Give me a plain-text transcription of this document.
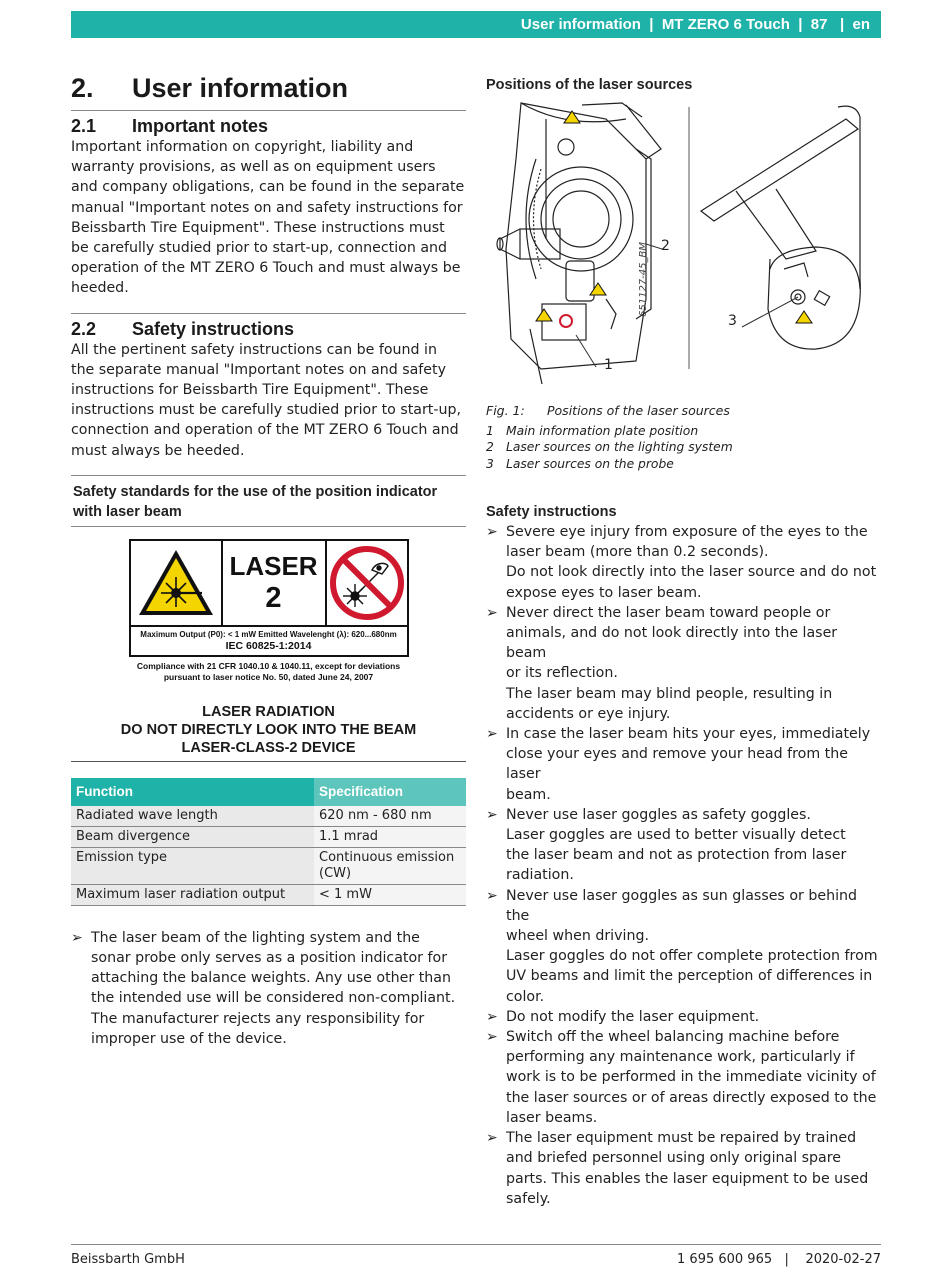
User information | MT ZERO 6 Touch | 87 | en
2.	User information
2.1	Important notes

Important information on copyright, liability and
warranty provisions, as well as on equipment users
and company obligations, can be found in the separate
manual "Important notes on and safety instructions for
Beissbarth Tire Equipment". These instructions must
be carefully studied prior to start-up, connection and
operation of the MT ZERO 6 Touch and must always be
heeded.

2.2	Safety instructions

All the pertinent safety instructions can be found in
the separate manual "Important notes on and safety
instructions for Beissbarth Tire Equipment". These
instructions must be carefully studied prior to start-up,
connection and operation of the MT ZERO 6 Touch and
must always be heeded.

Safety standards for the use of the position indicator
with laser beam
LASER
2
Maximum Output (P0): < 1 mW Emitted Wavelenght (λ): 620...680nm
IEC 60825-1:2014
Compliance with 21 CFR 1040.10 & 1040.11, except for deviations
pursuant to laser notice No. 50, dated June 24, 2007
LASER RADIATION
DO NOT DIRECTLY LOOK INTO THE BEAM
LASER-CLASS-2 DEVICE
Function	Specification
Radiated wave length	620 nm - 680 nm
Beam divergence	1.1 mrad
Emission type	Continuous emission (CW)
Maximum laser radiation output	< 1 mW
➢ The laser beam of the lighting system and the
sonar probe only serves as a position indicator for
attaching the balance weights. Any use other than
the intended use will be considered non-compliant.
The manufacturer rejects any responsibility for
improper use of the device.
Positions of the laser sources
2
1
3
651127-45_BM
Fig. 1: Positions of the laser sources
1 Main information plate position
2 Laser sources on the lighting system
3 Laser sources on the probe
Safety instructions
➢ Severe eye injury from exposure of the eyes to the
laser beam (more than 0.2 seconds).
Do not look directly into the laser source and do not
expose eyes to laser beam.
➢ Never direct the laser beam toward people or
animals, and do not look directly into the laser beam
or its reflection.
The laser beam may blind people, resulting in
accidents or eye injury.
➢ In case the laser beam hits your eyes, immediately
close your eyes and remove your head from the laser
beam.
➢ Never use laser goggles as safety goggles.
Laser goggles are used to better visually detect
the laser beam and not as protection from laser
radiation.
➢ Never use laser goggles as sun glasses or behind the
wheel when driving.
Laser goggles do not offer complete protection from
UV beams and limit the perception of differences in
color.
➢ Do not modify the laser equipment.
➢ Switch off the wheel balancing machine before
performing any maintenance work, particularly if
work is to be performed in the immediate vicinity of
the laser sources or of areas directly exposed to the
laser beams.
➢ The laser equipment must be repaired by trained
and briefed personnel using only original spare
parts. This enables the laser equipment to be used
safely.
Beissbarth GmbH	1 695 600 965   |    2020-02-27
